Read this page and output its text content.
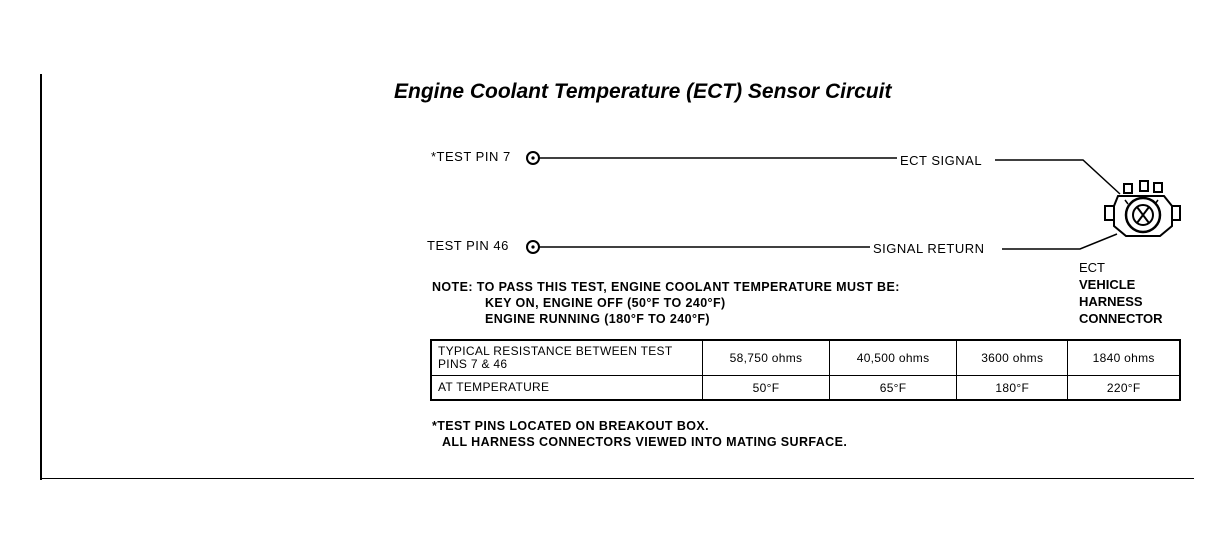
Engine Coolant Temperature (ECT) Sensor Circuit
*TEST PIN 7
TEST PIN 46
ECT SIGNAL
SIGNAL RETURN
ECT
VEHICLE
HARNESS
CONNECTOR
NOTE: TO PASS THIS TEST, ENGINE COOLANT TEMPERATURE MUST BE:
KEY ON, ENGINE OFF (50°F TO 240°F)
ENGINE RUNNING (180°F TO 240°F)
TYPICAL RESISTANCE BETWEEN TEST PINS 7 & 46	58,750 ohms	40,500 ohms	3600 ohms	1840 ohms
AT TEMPERATURE	50°F	65°F	180°F	220°F
*TEST PINS LOCATED ON BREAKOUT BOX.
ALL HARNESS CONNECTORS VIEWED INTO MATING SURFACE.
